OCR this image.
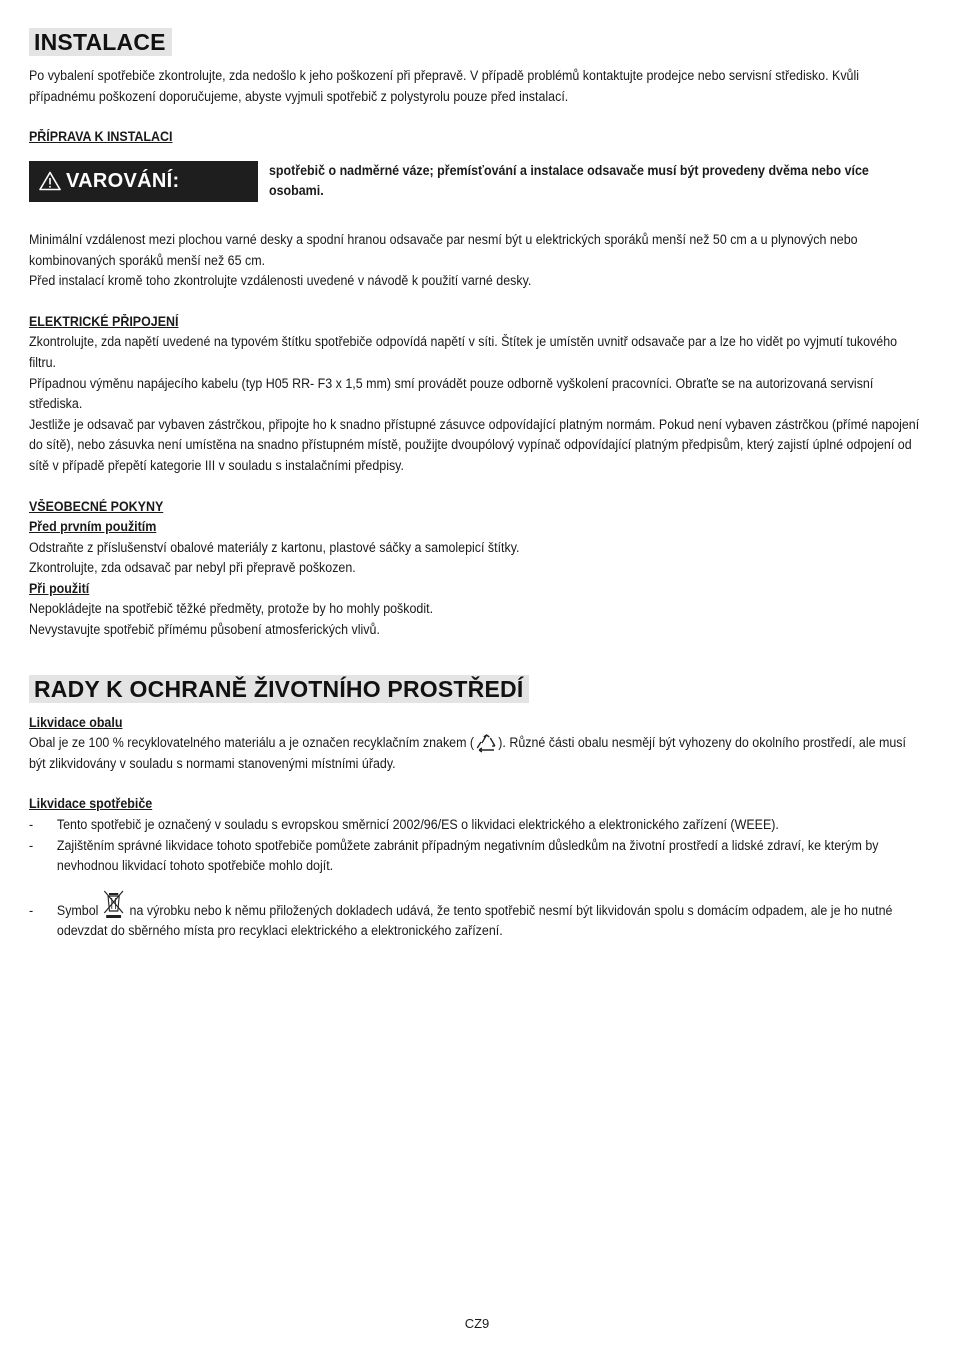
INSTALACE

Po vybalení spotřebiče zkontrolujte, zda nedošlo k jeho poškození při přepravě. V případě problémů kontaktujte prodejce nebo servisní středisko. Kvůli případnému poškození doporučujeme, abyste vyjmuli spotřebič z polystyrolu pouze před instalací.

PŘÍPRAVA K INSTALACI

VAROVÁNÍ:	spotřebič o nadměrné váze; přemísťování a instalace odsavače musí být provedeny dvěma nebo více osobami.

Minimální vzdálenost mezi plochou varné desky a spodní hranou odsavače par nesmí být u elektrických sporáků menší než 50 cm a u plynových nebo kombinovaných sporáků menší než 65 cm.

Před instalací kromě toho zkontrolujte vzdálenosti uvedené v návodě k použití varné desky.

ELEKTRICKÉ PŘIPOJENÍ

Zkontrolujte, zda napětí uvedené na typovém štítku spotřebiče odpovídá napětí v síti. Štítek je umístěn uvnitř odsavače par a lze ho vidět po vyjmutí tukového filtru.

Případnou výměnu napájecího kabelu (typ H05 RR- F3 x 1,5 mm) smí provádět pouze odborně vyškolení pracovníci. Obraťte se na autorizovaná servisní střediska.

Jestliže je odsavač par vybaven zástrčkou, připojte ho k snadno přístupné zásuvce odpovídající platným normám. Pokud není vybaven zástrčkou (přímé napojení do sítě), nebo zásuvka není umístěna na snadno přístupném místě, použijte dvoupólový vypínač odpovídající platným předpisům, který zajistí úplné odpojení od sítě v případě přepětí kategorie III v souladu s instalačními předpisy.

VŠEOBECNÉ POKYNY

Před prvním použitím

Odstraňte z příslušenství obalové materiály z kartonu, plastové sáčky a samolepicí štítky.

Zkontrolujte, zda odsavač par nebyl při přepravě poškozen.

Při použití

Nepokládejte na spotřebič těžké předměty, protože by ho mohly poškodit.

Nevystavujte spotřebič přímému působení atmosferických vlivů.

RADY K OCHRANĚ ŽIVOTNÍHO PROSTŘEDÍ

Likvidace obalu

Obal je ze 100 % recyklovatelného materiálu a je označen recyklačním znakem ( ). Různé části obalu nesmějí být vyhozeny do okolního prostředí, ale musí být zlikvidovány v souladu s normami stanovenými místními úřady.

Likvidace spotřebiče

-	Tento spotřebič je označený v souladu s evropskou směrnicí 2002/96/ES o likvidaci elektrického a elektronického zařízení (WEEE).
-	Zajištěním správné likvidace tohoto spotřebiče pomůžete zabránit případným negativním důsledkům na životní prostředí a lidské zdraví, ke kterým by nevhodnou likvidací tohoto spotřebiče mohlo dojít.
-	Symbol na výrobku nebo k němu přiložených dokladech udává, že tento spotřebič nesmí být likvidován spolu s domácím odpadem, ale je ho nutné odevzdat do sběrného místa pro recyklaci elektrického a elektronického zařízení.
CZ9
